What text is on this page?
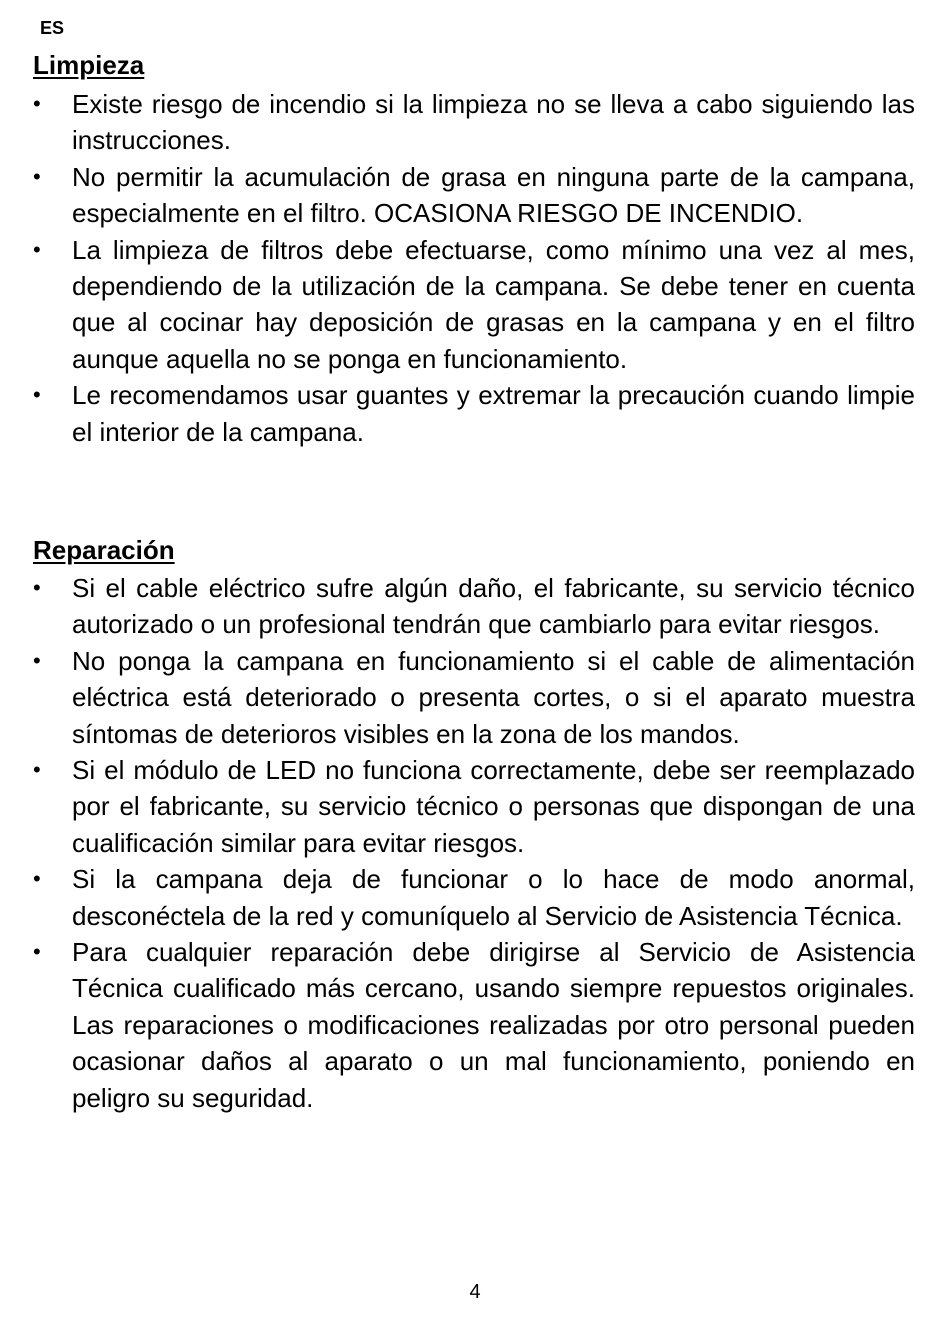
ES
Limpieza
• Existe riesgo de incendio si la limpieza no se lleva a cabo siguiendo las instrucciones.
• No permitir la acumulación de grasa en ninguna parte de la campana, especialmente en el filtro. OCASIONA RIESGO DE INCENDIO.
• La limpieza de filtros debe efectuarse, como mínimo una vez al mes, dependiendo de la utilización de la campana. Se debe tener en cuenta que al cocinar hay deposición de grasas en la campana y en el filtro aunque aquella no se ponga en funcionamiento.
• Le recomendamos usar guantes y extremar la precaución cuando limpie el interior de la campana.
Reparación
• Si el cable eléctrico sufre algún daño, el fabricante, su servicio técnico autorizado o un profesional tendrán que cambiarlo para evitar riesgos.
• No ponga la campana en funcionamiento si el cable de alimentación eléctrica está deteriorado o presenta cortes, o si el aparato muestra síntomas de deterioros visibles en la zona de los mandos.
• Si el módulo de LED no funciona correctamente, debe ser reemplazado por el fabricante, su servicio técnico o personas que dispongan de una cualificación similar para evitar riesgos.
• Si la campana deja de funcionar o lo hace de modo anormal, desconéctela de la red y comuníquelo al Servicio de Asistencia Técnica.
• Para cualquier reparación debe dirigirse al Servicio de Asistencia Técnica cualificado más cercano, usando siempre repuestos originales. Las reparaciones o modificaciones realizadas por otro personal pueden ocasionar daños al aparato o un mal funcionamiento, poniendo en peligro su seguridad.
4
